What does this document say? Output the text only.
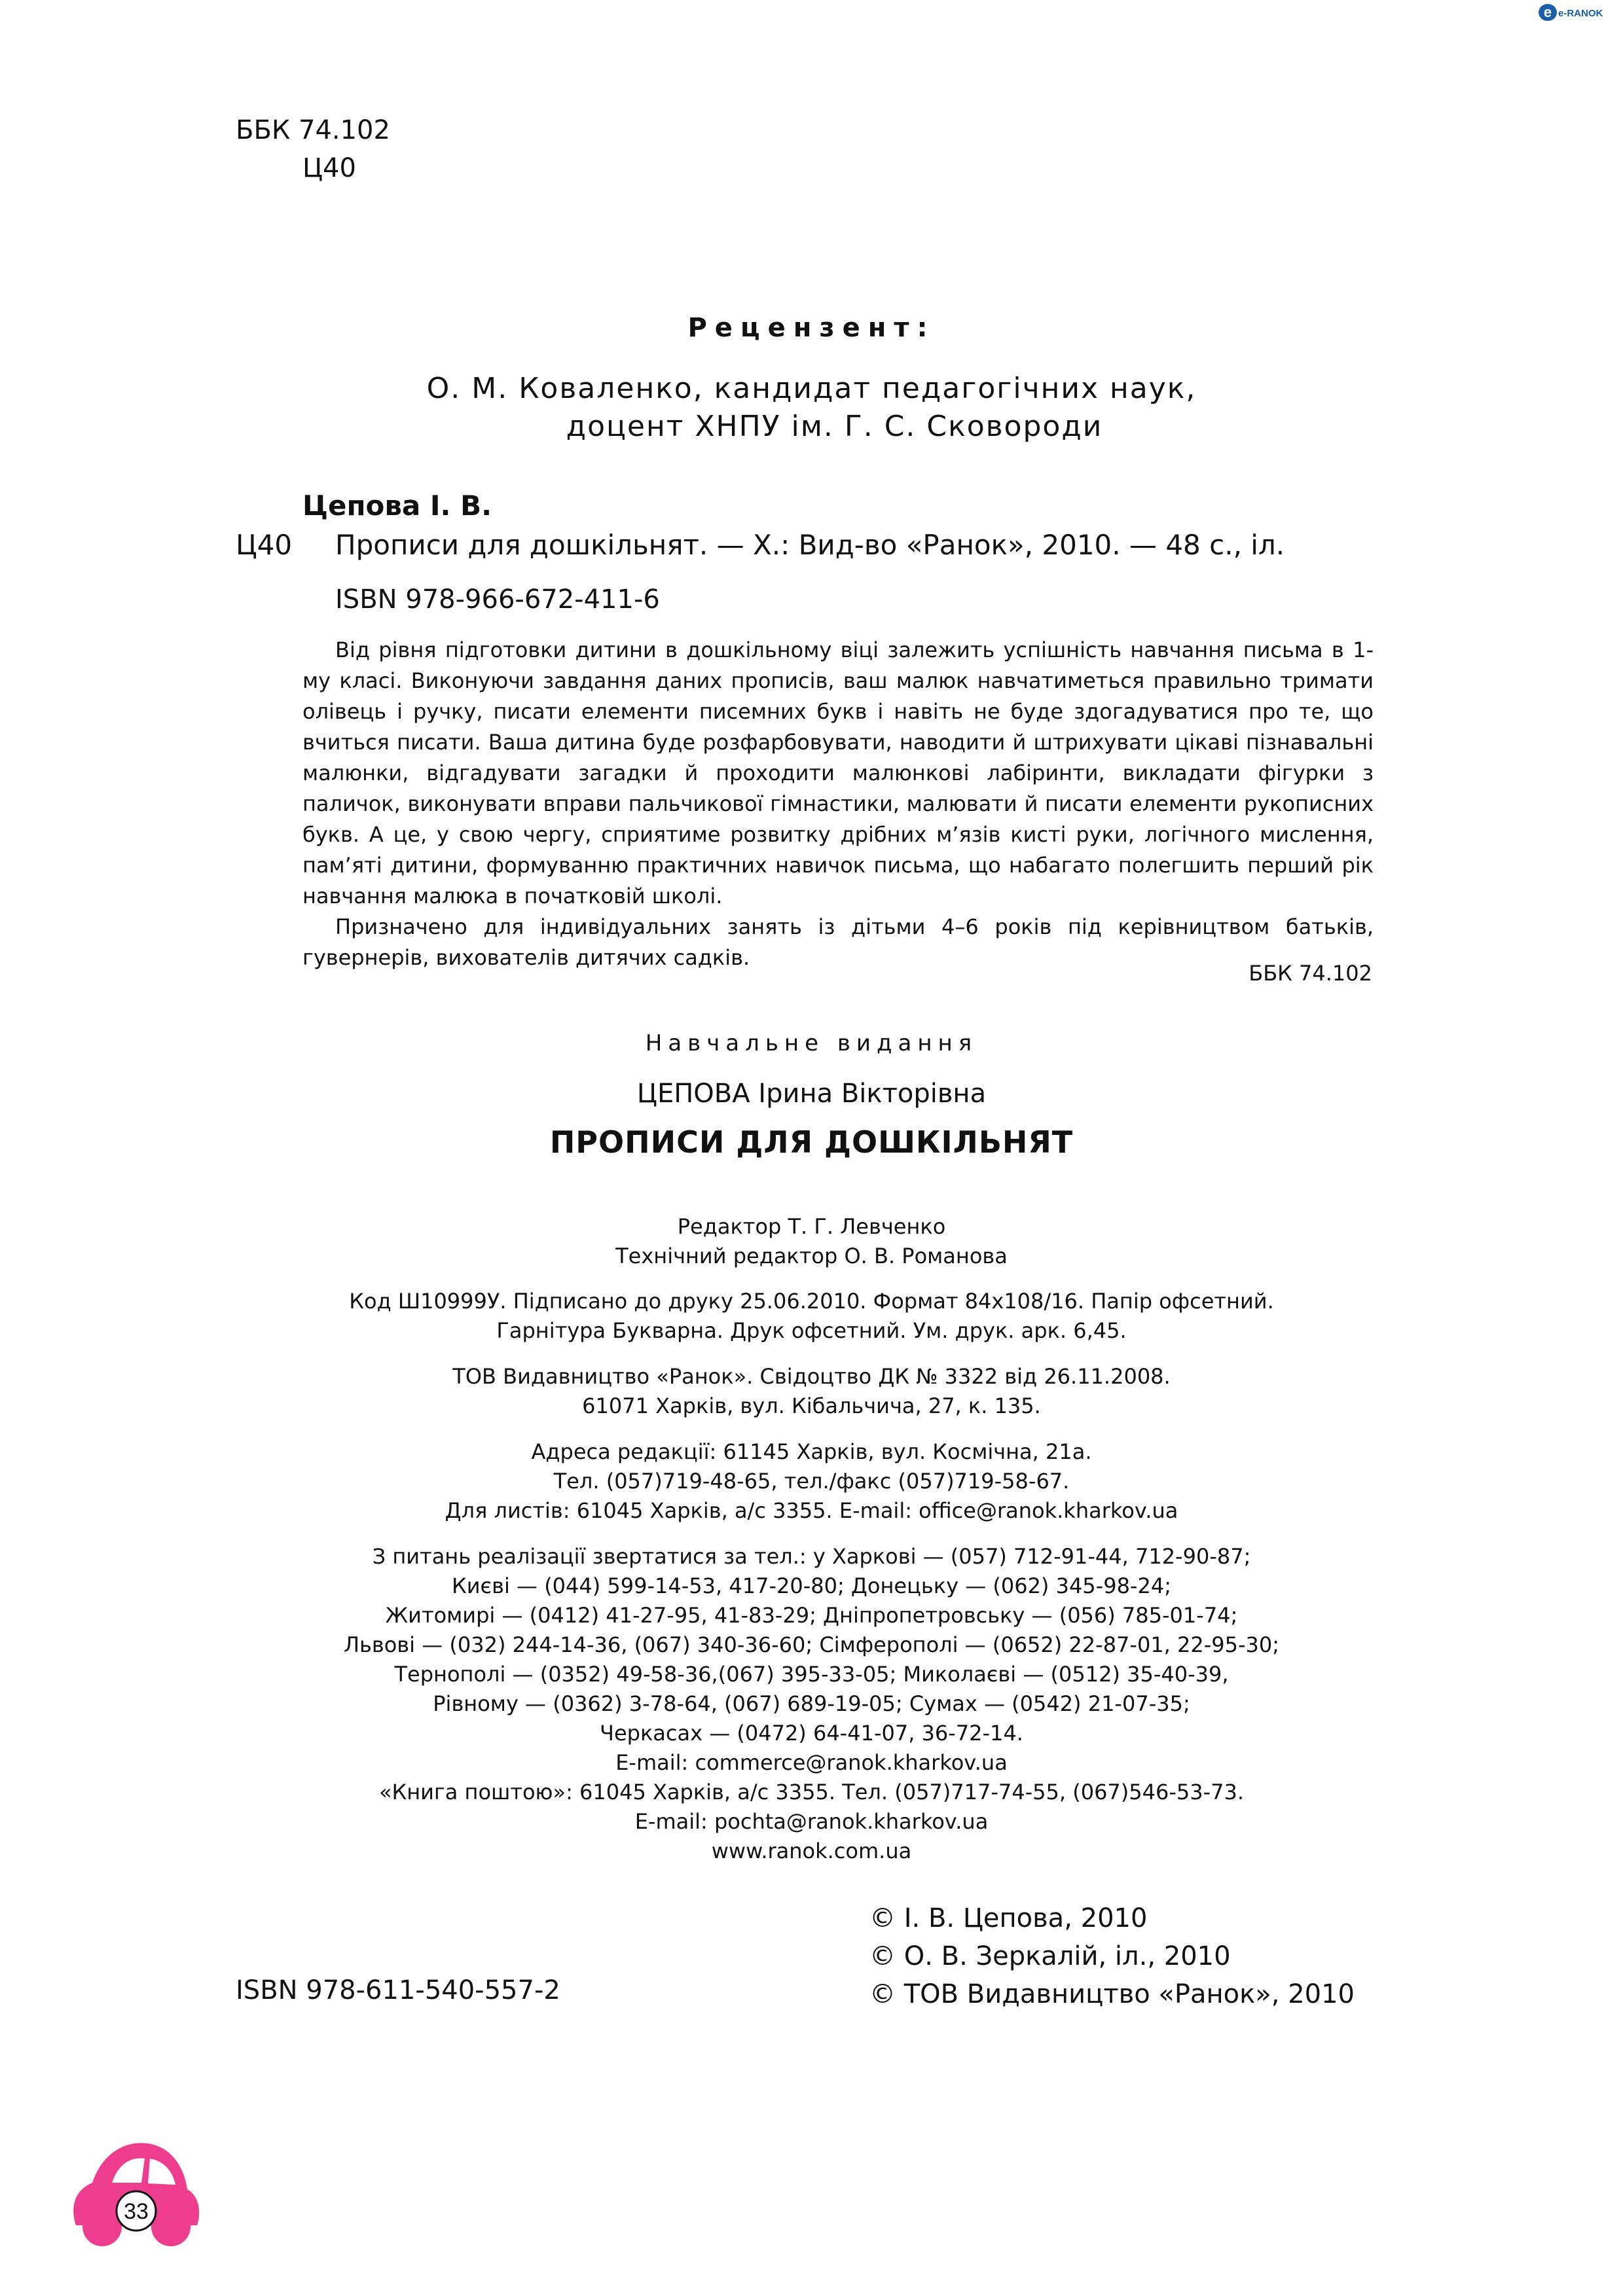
e e-RANOK
ББК 74.102
Ц40
Рецензент:
О. М. Коваленко, кандидат педагогічних наук,
доцент ХНПУ ім. Г. С. Сковороди
Цепова І. В.
Ц40 Прописи для дошкільнят. — Х.: Вид-во «Ранок», 2010. — 48 с., іл.
ISBN 978-966-672-411-6

Від рівня підготовки дитини в дошкільному віці залежить успішність навчання письма в 1-му класі. Виконуючи завдання даних прописів, ваш малюк навчатиметься правильно тримати олівець і ручку, писати елементи писемних букв і навіть не буде здогадуватися про те, що вчиться писати. Ваша дитина буде розфарбовувати, наводити й штрихувати цікаві пізнавальні малюнки, відгадувати загадки й проходити малюнкові лабіринти, викладати фігурки з паличок, виконувати вправи пальчикової гімнастики, малювати й писати елементи рукописних букв. А це, у свою чергу, сприятиме розвитку дрібних м’язів кисті руки, логічного мислення, пам’яті дитини, формуванню практичних навичок письма, що набагато полегшить перший рік навчання малюка в початковій школі.

Призначено для індивідуальних занять із дітьми 4–6 років під керівництвом батьків, гувернерів, вихователів дитячих садків.

ББК 74.102
Навчальне видання
ЦЕПОВА Ірина Вікторівна
ПРОПИСИ ДЛЯ ДОШКІЛЬНЯТ
Редактор Т. Г. Левченко
Технічний редактор О. В. Романова
Код Ш10999У. Підписано до друку 25.06.2010. Формат 84x108/16. Папір офсетний.
Гарнітура Букварна. Друк офсетний. Ум. друк. арк. 6,45.
ТОВ Видавництво «Ранок». Свідоцтво ДК № 3322 від 26.11.2008.
61071 Харків, вул. Кібальчича, 27, к. 135.
Адреса редакції: 61145 Харків, вул. Космічна, 21а.
Тел. (057)719-48-65, тел./факс (057)719-58-67.
Для листів: 61045 Харків, а/с 3355. E-mail: office@ranok.kharkov.ua
З питань реалізації звертатися за тел.: у Харкові — (057) 712-91-44, 712-90-87;
Києві — (044) 599-14-53, 417-20-80; Донецьку — (062) 345-98-24;
Житомирі — (0412) 41-27-95, 41-83-29; Дніпропетровську — (056) 785-01-74;
Львові — (032) 244-14-36, (067) 340-36-60; Сімферополі — (0652) 22-87-01, 22-95-30;
Тернополі — (0352) 49-58-36,(067) 395-33-05; Миколаєві — (0512) 35-40-39,
Рівному — (0362) 3-78-64, (067) 689-19-05; Сумах — (0542) 21-07-35;
Черкасах — (0472) 64-41-07, 36-72-14.
E-mail: commerce@ranok.kharkov.ua
«Книга поштою»: 61045 Харків, а/с 3355. Тел. (057)717-74-55, (067)546-53-73.
E-mail: pochta@ranok.kharkov.ua
www.ranok.com.ua
© І. В. Цепова, 2010
© О. В. Зеркалій, іл., 2010
© ТОВ Видавництво «Ранок», 2010
ISBN 978-611-540-557-2
33
